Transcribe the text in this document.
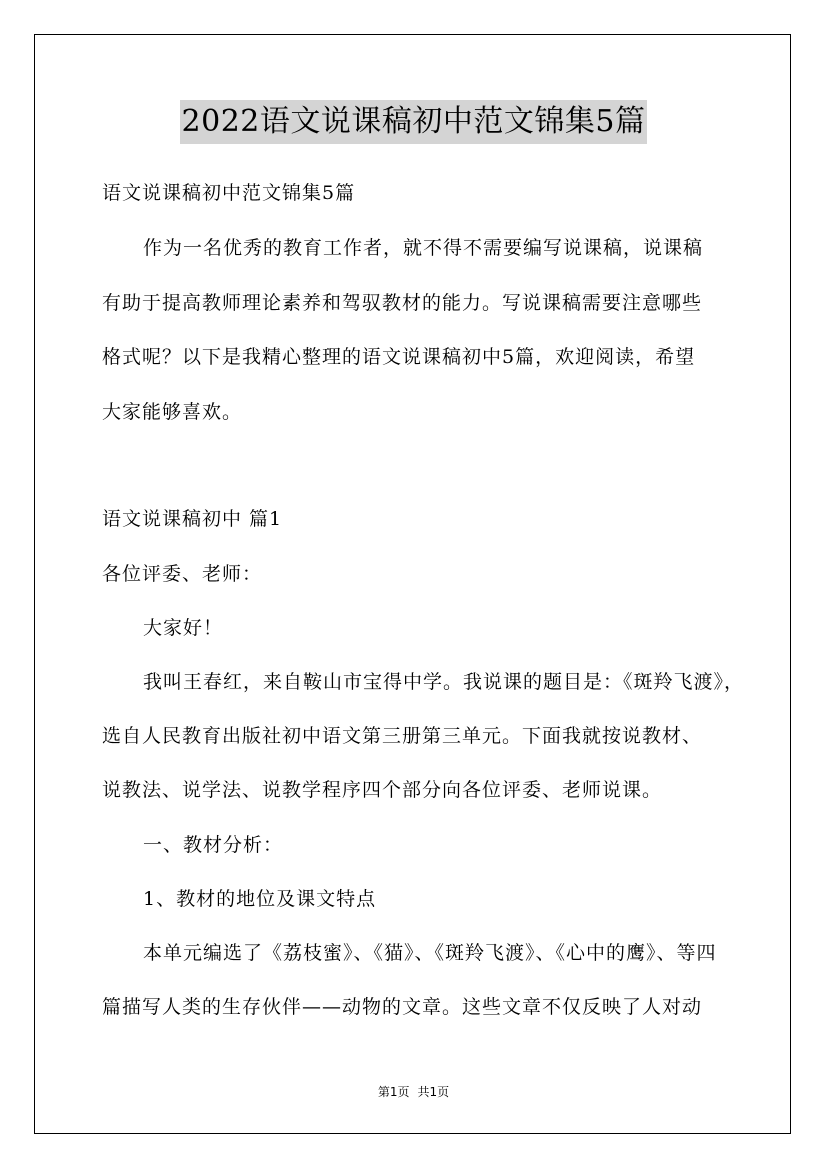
2022语文说课稿初中范文锦集5篇
语文说课稿初中范文锦集5篇
作为一名优秀的教育工作者，就不得不需要编写说课稿，说课稿
有助于提高教师理论素养和驾驭教材的能力。写说课稿需要注意哪些
格式呢？以下是我精心整理的语文说课稿初中5篇，欢迎阅读，希望
大家能够喜欢。
语文说课稿初中 篇1
各位评委、老师：
大家好！
我叫王春红，来自鞍山市宝得中学。我说课的题目是：《斑羚飞渡》，
选自人民教育出版社初中语文第三册第三单元。下面我就按说教材、
说教法、说学法、说教学程序四个部分向各位评委、老师说课。
一、教材分析：
1、教材的地位及课文特点
本单元编选了《荔枝蜜》、《猫》、《斑羚飞渡》、《心中的鹰》、等四
篇描写人类的生存伙伴——动物的文章。这些文章不仅反映了人对动
第1页 共1页
